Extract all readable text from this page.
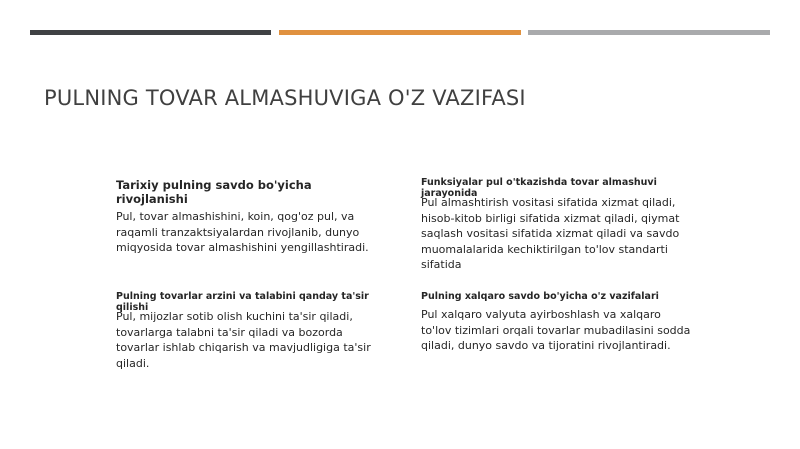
PULNING TOVAR ALMASHUVIGA O'Z VAZIFASI

Tarixiy pulning savdo bo'yicha rivojlanishi

Pul, tovar almashishini, koin, qog'oz pul, va raqamli tranzaktsiyalardan rivojlanib, dunyo miqyosida tovar almashishini yengillashtiradi.

Funksiyalar pul o'tkazishda tovar almashuvi jarayonida

Pul almashtirish vositasi sifatida xizmat qiladi, hisob-kitob birligi sifatida xizmat qiladi, qiymat saqlash vositasi sifatida xizmat qiladi va savdo muomalalarida kechiktirilgan to'lov standarti sifatida

Pulning tovarlar arzini va talabini qanday ta'sir qilishi

Pul, mijozlar sotib olish kuchini ta'sir qiladi, tovarlarga talabni ta'sir qiladi va bozorda tovarlar ishlab chiqarish va mavjudligiga ta'sir qiladi.

Pulning xalqaro savdo bo'yicha o'z vazifalari

Pul xalqaro valyuta ayirboshlash va xalqaro to'lov tizimlari orqali tovarlar mubadilasini sodda qiladi, dunyo savdo va tijoratini rivojlantiradi.
